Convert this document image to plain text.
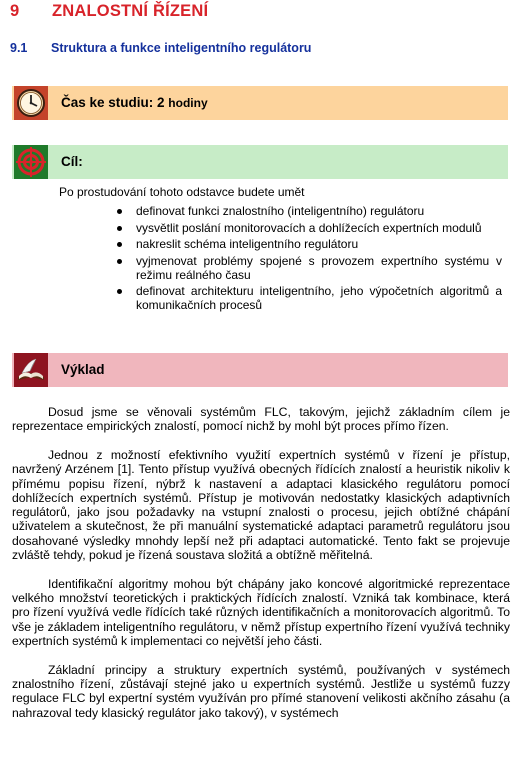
9 ZNALOSTNÍ ŘÍZENÍ
9.1 Struktura a funkce inteligentního regulátoru
Čas ke studiu: 2 hodiny
Cíl:
Po prostudování tohoto odstavce budete umět
definovat funkci znalostního (inteligentního) regulátoru
vysvětlit poslání monitorovacích a dohlížecích expertních modulů
nakreslit schéma inteligentního regulátoru
vyjmenovat problémy spojené s provozem expertního systému v režimu reálného času
definovat architekturu inteligentního, jeho výpočetních algoritmů a komunikačních procesů
Výklad

Dosud jsme se věnovali systémům FLC, takovým, jejichž základním cílem je reprezentace empirických znalostí, pomocí nichž by mohl být proces přímo řízen.

Jednou z možností efektivního využití expertních systémů v řízení je přístup, navržený Arzénem [1]. Tento přístup využívá obecných řídících znalostí a heuristik nikoliv k přímému popisu řízení, nýbrž k nastavení a adaptaci klasického regulátoru pomocí dohlížecích expertních systémů. Přístup je motivován nedostatky klasických adaptivních regulátorů, jako jsou požadavky na vstupní znalosti o procesu, jejich obtížné chápání uživatelem a skutečnost, že při manuální systematické adaptaci parametrů regulátoru jsou dosahované výsledky mnohdy lepší než při adaptaci automatické. Tento fakt se projevuje zvláště tehdy, pokud je řízená soustava složitá a obtížně měřitelná.

Identifikační algoritmy mohou být chápány jako koncové algoritmické reprezentace velkého množství teoretických i praktických řídících znalostí. Vzniká tak kombinace, která pro řízení využívá vedle řídících také různých identifikačních a monitorovacích algoritmů. To vše je základem inteligentního regulátoru, v němž přístup expertního řízení využívá techniky expertních systémů k implementaci co největší jeho části.

Základní principy a struktury expertních systémů, používaných v systémech znalostního řízení, zůstávají stejné jako u expertních systémů. Jestliže u systémů fuzzy regulace FLC byl expertní systém využíván pro přímé stanovení velikosti akčního zásahu (a nahrazoval tedy klasický regulátor jako takový), v systémech
